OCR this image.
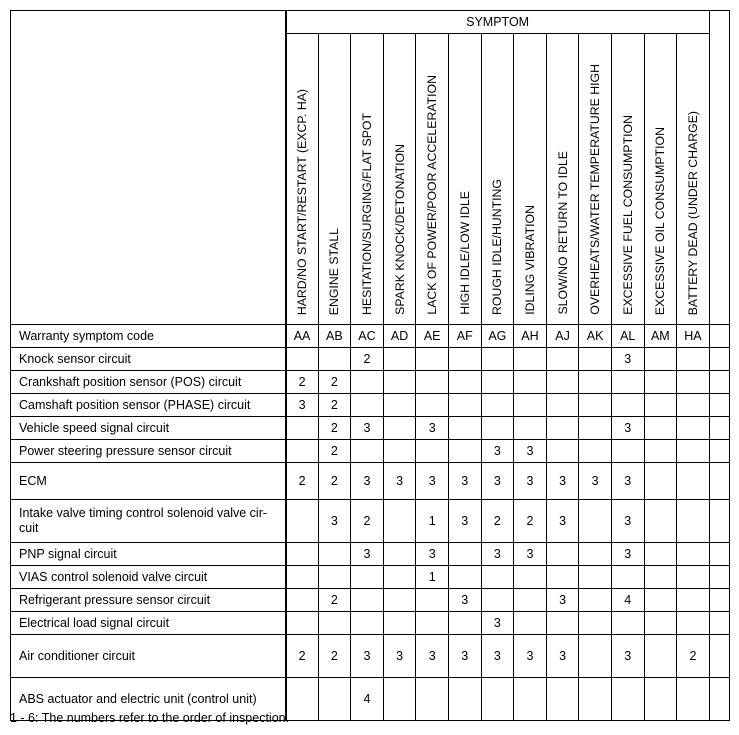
	SYMPTOM													
	HARD/NO START/RESTART (EXCP. HA)	ENGINE STALL	HESITATION/SURGING/FLAT SPOT	SPARK KNOCK/DETONATION	LACK OF POWER/POOR ACCELERATION	HIGH IDLE/LOW IDLE	ROUGH IDLE/HUNTING	IDLING VIBRATION	SLOW/NO RETURN TO IDLE	OVERHEATS/WATER TEMPERATURE HIGH	EXCESSIVE FUEL CONSUMPTION	EXCESSIVE OIL CONSUMPTION	BATTERY DEAD (UNDER CHARGE)	
Warranty symptom code	AA	AB	AC	AD	AE	AF	AG	AH	AJ	AK	AL	AM	HA	
Knock sensor circuit			2								3			
Crankshaft position sensor (POS) circuit	2	2												
Camshaft position sensor (PHASE) circuit	3	2												
Vehicle speed signal circuit		2	3		3						3			
Power steering pressure sensor circuit		2					3	3						
ECM	2	2	3	3	3	3	3	3	3	3	3			
Intake valve timing control solenoid valve cir-
cuit		3	2		1	3	2	2	3		3			
PNP signal circuit			3		3		3	3			3			
VIAS control solenoid valve circuit					1									
Refrigerant pressure sensor circuit		2				3			3		4			
Electrical load signal circuit							3							
Air conditioner circuit	2	2	3	3	3	3	3	3	3		3		2	
ABS actuator and electric unit (control unit)			4											
1 - 6: The numbers refer to the order of inspection.
